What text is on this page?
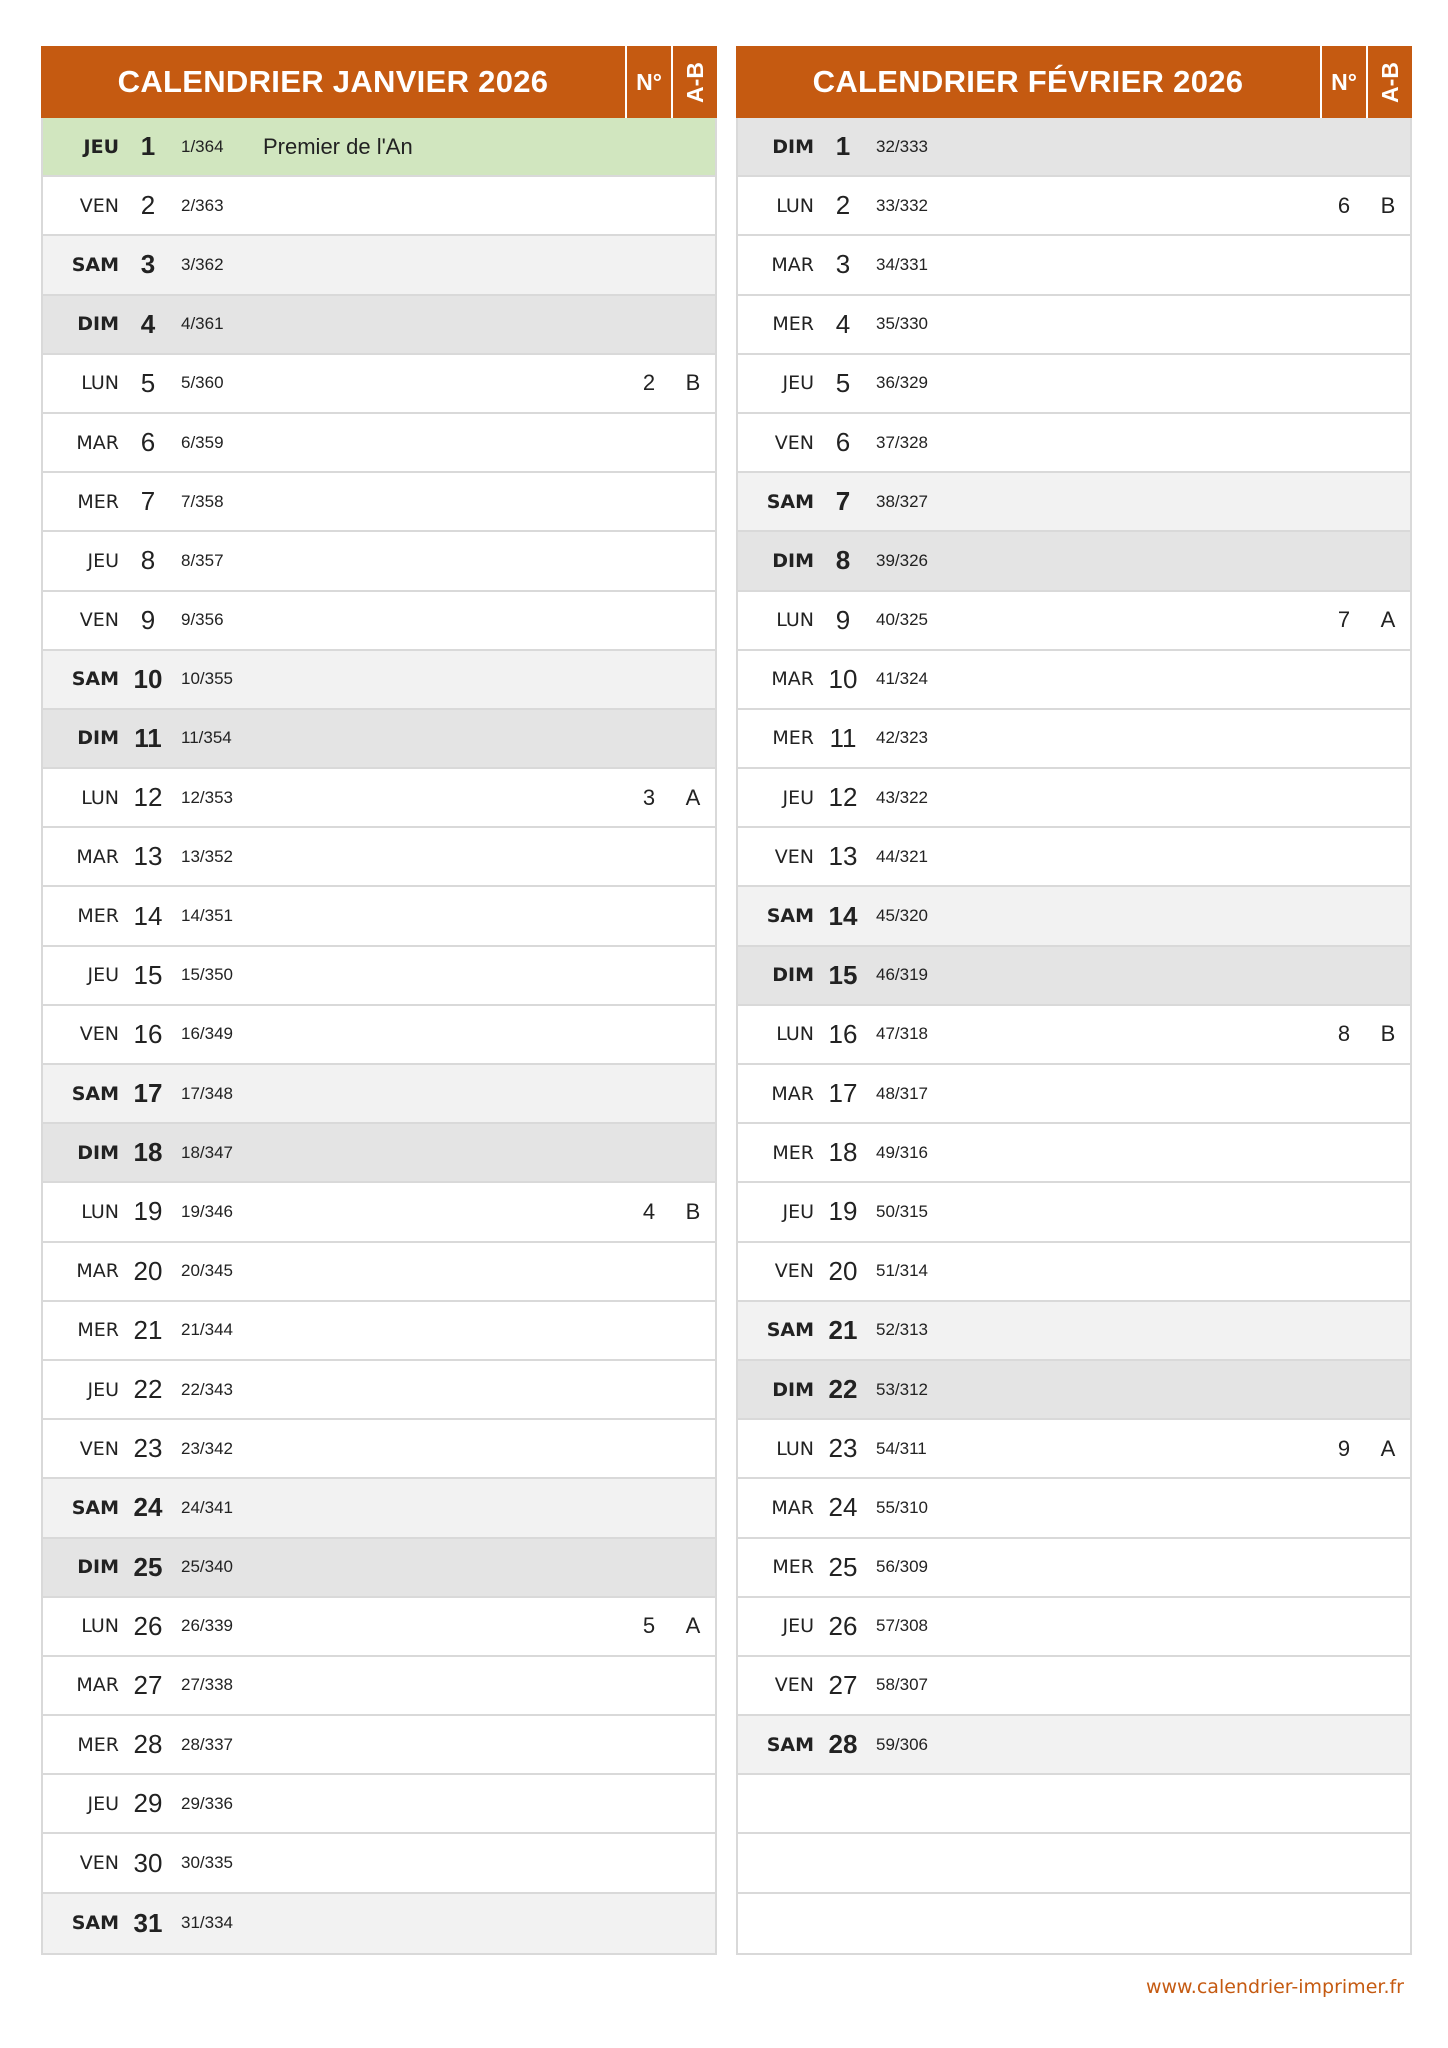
CALENDRIER JANVIER 2026	N° A-B
JEU 1	1/364	Premier de l'An
VEN 2	2/363
SAM 3	3/362
DIM 4	4/361
LUN 5	5/360	2	B
MAR 6	6/359
MER 7	7/358
JEU 8	8/357
VEN 9	9/356
SAM 10	10/355
DIM 11	11/354
LUN 12	12/353	3	A
MAR 13	13/352
MER 14	14/351
JEU 15	15/350
VEN 16	16/349
SAM 17	17/348
DIM 18	18/347
LUN 19	19/346	4	B
MAR 20	20/345
MER 21	21/344
JEU 22	22/343
VEN 23	23/342
SAM 24	24/341
DIM 25	25/340
LUN 26	26/339	5	A
MAR 27	27/338
MER 28	28/337
JEU 29	29/336
VEN 30	30/335
SAM 31	31/334
CALENDRIER FÉVRIER 2026	N° A-B
DIM 1	32/333
LUN 2	33/332	6	B
MAR 3	34/331
MER 4	35/330
JEU 5	36/329
VEN 6	37/328
SAM 7	38/327
DIM 8	39/326
LUN 9	40/325	7	A
MAR 10	41/324
MER 11	42/323
JEU 12	43/322
VEN 13	44/321
SAM 14	45/320
DIM 15	46/319
LUN 16	47/318	8	B
MAR 17	48/317
MER 18	49/316
JEU 19	50/315
VEN 20	51/314
SAM 21	52/313
DIM 22	53/312
LUN 23	54/311	9	A
MAR 24	55/310
MER 25	56/309
JEU 26	57/308
VEN 27	58/307
SAM 28	59/306
www.calendrier-imprimer.fr
